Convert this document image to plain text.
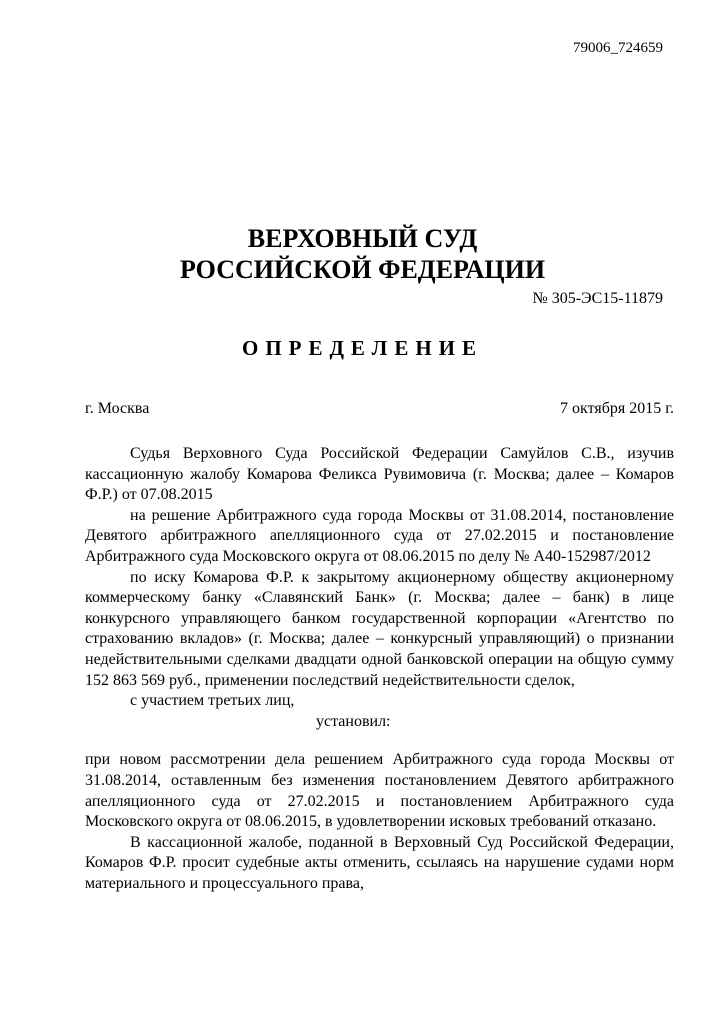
79006_724659
ВЕРХОВНЫЙ СУД
РОССИЙСКОЙ ФЕДЕРАЦИИ
№ 305-ЭС15-11879
ОПРЕДЕЛЕНИЕ
г. Москва	7 октября 2015 г.

Судья Верховного Суда Российской Федерации Самуйлов С.В., изучив кассационную жалобу Комарова Феликса Рувимовича (г. Москва; далее – Комаров Ф.Р.) от 07.08.2015

на решение Арбитражного суда города Москвы от 31.08.2014, постановление Девятого арбитражного апелляционного суда от 27.02.2015 и постановление Арбитражного суда Московского округа от 08.06.2015 по делу № А40-152987/2012

по иску Комарова Ф.Р. к закрытому акционерному обществу акционерному коммерческому банку «Славянский Банк» (г. Москва; далее – банк) в лице конкурсного управляющего банком государственной корпорации «Агентство по страхованию вкладов» (г. Москва; далее – конкурсный управляющий) о признании недействительными сделками двадцати одной банковской операции на общую сумму 152 863 569 руб., применении последствий недействительности сделок,

с участием третьих лиц,

установил:

при новом рассмотрении дела решением Арбитражного суда города Москвы от 31.08.2014, оставленным без изменения постановлением Девятого арбитражного апелляционного суда от 27.02.2015 и постановлением Арбитражного суда Московского округа от 08.06.2015, в удовлетворении исковых требований отказано.

В кассационной жалобе, поданной в Верховный Суд Российской Федерации, Комаров Ф.Р. просит судебные акты отменить, ссылаясь на нарушение судами норм материального и процессуального права,
